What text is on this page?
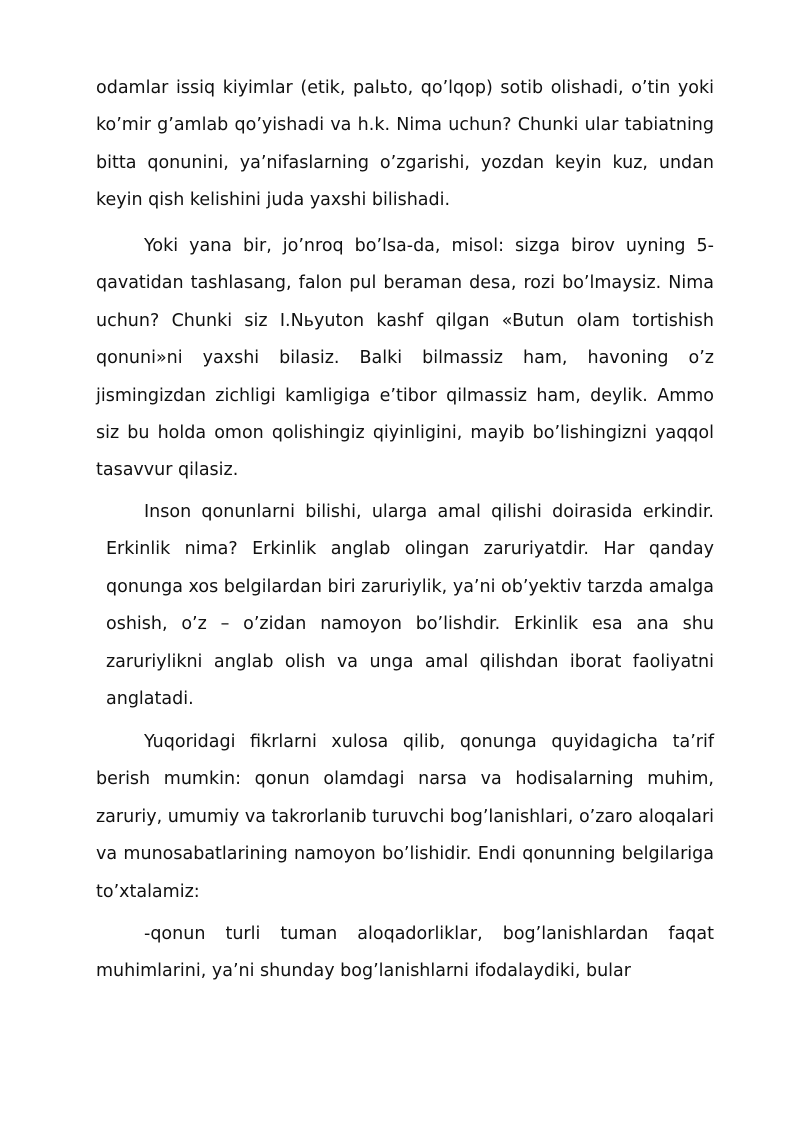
odamlar issiq kiyimlar (etik, palьto, qo’lqop) sotib olishadi, o’tin yoki ko’mir g’amlab qo’yishadi va h.k. Nima uchun? Chunki ular tabiatning bitta qonunini, ya’nifaslarning o’zgarishi, yozdan keyin kuz, undan keyin qish kelishini juda yaxshi bilishadi.

Yoki yana bir, jo’nroq bo’lsa-da, misol: sizga birov uyning 5-qavatidan tashlasang, falon pul beraman desa, rozi bo’lmaysiz. Nima uchun? Chunki siz I.Nьyuton kashf qilgan «Butun olam tortishish qonuni»ni yaxshi bilasiz. Balki bilmassiz ham, havoning o’z jismingizdan zichligi kamligiga e’tibor qilmassiz ham, deylik. Ammo siz bu holda omon qolishingiz qiyinligini, mayib bo’lishingizni yaqqol tasavvur qilasiz.

Inson qonunlarni bilishi, ularga amal qilishi doirasida erkindir. Erkinlik nima? Erkinlik anglab olingan zaruriyatdir. Har qanday qonunga xos belgilardan biri zaruriylik, ya’ni ob’yektiv tarzda amalga oshish, o’z – o’zidan namoyon bo’lishdir. Erkinlik esa ana shu zaruriylikni anglab olish va unga amal qilishdan iborat faoliyatni anglatadi.

Yuqoridagi fikrlarni xulosa qilib, qonunga quyidagicha ta’rif berish mumkin: qonun olamdagi narsa va hodisalarning muhim, zaruriy, umumiy va takrorlanib turuvchi bog’lanishlari, o’zaro aloqalari va munosabatlarining namoyon bo’lishidir. Endi qonunning belgilariga to’xtalamiz:

-qonun turli tuman aloqadorliklar, bog’lanishlardan faqat muhimlarini, ya’ni shunday bog’lanishlarni ifodalaydiki, bular
